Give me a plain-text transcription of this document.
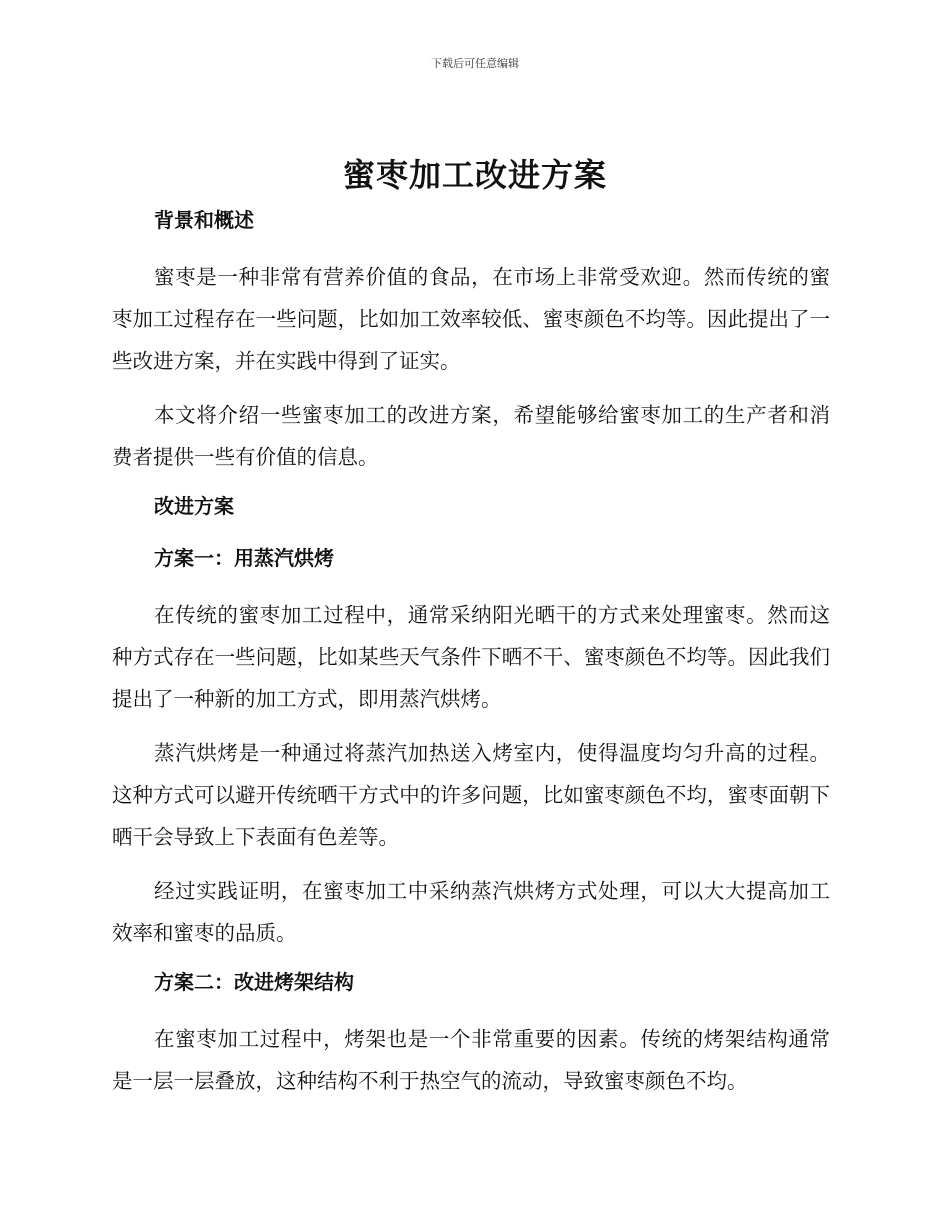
下载后可任意编辑
蜜枣加工改进方案
背景和概述

蜜枣是一种非常有营养价值的食品，在市场上非常受欢迎。然而传统的蜜枣加工过程存在一些问题，比如加工效率较低、蜜枣颜色不均等。因此提出了一些改进方案，并在实践中得到了证实。

本文将介绍一些蜜枣加工的改进方案，希望能够给蜜枣加工的生产者和消费者提供一些有价值的信息。

改进方案
方案一：用蒸汽烘烤

在传统的蜜枣加工过程中，通常采纳阳光晒干的方式来处理蜜枣。然而这种方式存在一些问题，比如某些天气条件下晒不干、蜜枣颜色不均等。因此我们提出了一种新的加工方式，即用蒸汽烘烤。

蒸汽烘烤是一种通过将蒸汽加热送入烤室内，使得温度均匀升高的过程。这种方式可以避开传统晒干方式中的许多问题，比如蜜枣颜色不均，蜜枣面朝下晒干会导致上下表面有色差等。

经过实践证明，在蜜枣加工中采纳蒸汽烘烤方式处理，可以大大提高加工效率和蜜枣的品质。

方案二：改进烤架结构

在蜜枣加工过程中，烤架也是一个非常重要的因素。传统的烤架结构通常是一层一层叠放，这种结构不利于热空气的流动，导致蜜枣颜色不均。
